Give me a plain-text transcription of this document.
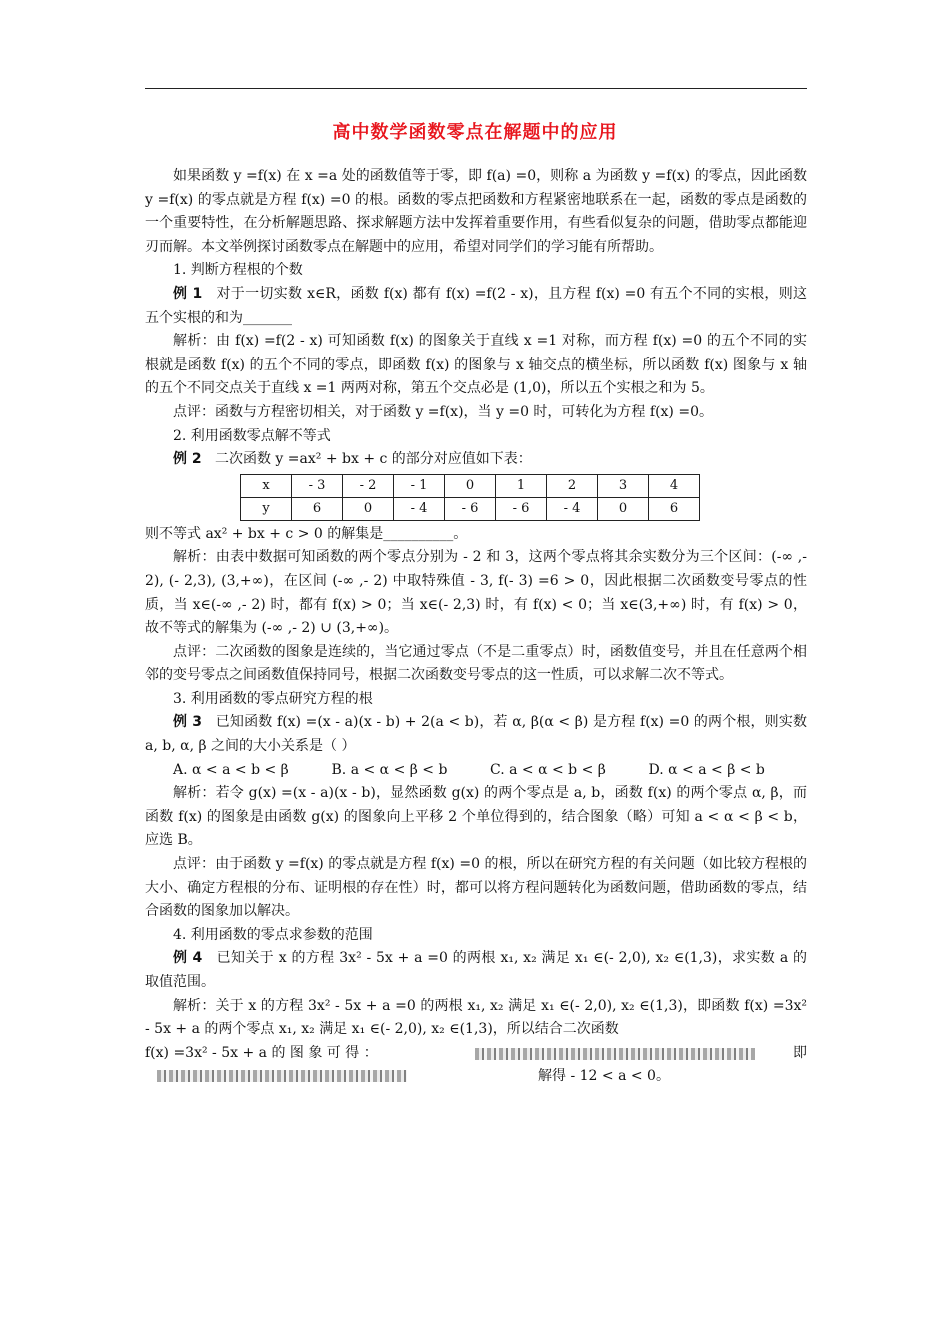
高中数学函数零点在解题中的应用

如果函数 y =f(x) 在 x =a 处的函数值等于零，即 f(a) =0，则称 a 为函数 y =f(x) 的零点，因此函数 y =f(x) 的零点就是方程 f(x) =0 的根。函数的零点把函数和方程紧密地联系在一起，函数的零点是函数的一个重要特性，在分析解题思路、探求解题方法中发挥着重要作用，有些看似复杂的问题，借助零点都能迎刃而解。本文举例探讨函数零点在解题中的应用，希望对同学们的学习能有所帮助。

1. 判断方程根的个数

例 1 对于一切实数 x∈R，函数 f(x) 都有 f(x) =f(2 - x)，且方程 f(x) =0 有五个不同的实根，则这五个实根的和为_______

解析：由 f(x) =f(2 - x) 可知函数 f(x) 的图象关于直线 x =1 对称，而方程 f(x) =0 的五个不同的实根就是函数 f(x) 的五个不同的零点，即函数 f(x) 的图象与 x 轴交点的横坐标，所以函数 f(x) 图象与 x 轴的五个不同交点关于直线 x =1 两两对称，第五个交点必是 (1,0)，所以五个实根之和为 5。

点评：函数与方程密切相关，对于函数 y =f(x)，当 y =0 时，可转化为方程 f(x) =0。

2. 利用函数零点解不等式

例 2 二次函数 y =ax² + bx + c 的部分对应值如下表：

x	- 3	- 2	- 1	0	1	2	3	4
y	6	0	- 4	- 6	- 6	- 4	0	6

则不等式 ax² + bx + c > 0 的解集是__________。

解析：由表中数据可知函数的两个零点分别为 - 2 和 3，这两个零点将其余实数分为三个区间：(-∞ ,- 2), (- 2,3), (3,+∞)，在区间 (-∞ ,- 2) 中取特殊值 - 3, f(- 3) =6 > 0，因此根据二次函数变号零点的性质，当 x∈(-∞ ,- 2) 时，都有 f(x) > 0；当 x∈(- 2,3) 时，有 f(x) < 0；当 x∈(3,+∞) 时，有 f(x) > 0，故不等式的解集为 (-∞ ,- 2) ∪ (3,+∞)。

点评：二次函数的图象是连续的，当它通过零点（不是二重零点）时，函数值变号，并且在任意两个相邻的变号零点之间函数值保持同号，根据二次函数变号零点的这一性质，可以求解二次不等式。

3. 利用函数的零点研究方程的根

例 3 已知函数 f(x) =(x - a)(x - b) + 2(a < b)，若 α, β(α < β) 是方程 f(x) =0 的两个根，则实数 a, b, α, β 之间的大小关系是（ ）

A. α < a < b < β	B. a < α < β < b	C. a < α < b < β	D. α < a < β < b

解析：若令 g(x) =(x - a)(x - b)，显然函数 g(x) 的两个零点是 a, b，函数 f(x) 的两个零点 α, β，而函数 f(x) 的图象是由函数 g(x) 的图象向上平移 2 个单位得到的，结合图象（略）可知 a < α < β < b，应选 B。

点评：由于函数 y =f(x) 的零点就是方程 f(x) =0 的根，所以在研究方程的有关问题（如比较方程根的大小、确定方程根的分布、证明根的存在性）时，都可以将方程问题转化为函数问题，借助函数的零点，结合函数的图象加以解决。

4. 利用函数的零点求参数的范围

例 4 已知关于 x 的方程 3x² - 5x + a =0 的两根 x₁, x₂ 满足 x₁ ∈(- 2,0), x₂ ∈(1,3)，求实数 a 的取值范围。

解析：关于 x 的方程 3x² - 5x + a =0 的两根 x₁, x₂ 满足 x₁ ∈(- 2,0), x₂ ∈(1,3)，即函数 f(x) =3x² - 5x + a 的两个零点 x₁, x₂ 满足 x₁ ∈(- 2,0), x₂ ∈(1,3)，所以结合二次函数

f(x) =3x² - 5x + a 的 图 象 可 得 ：	即
解得 - 12 < a < 0。
